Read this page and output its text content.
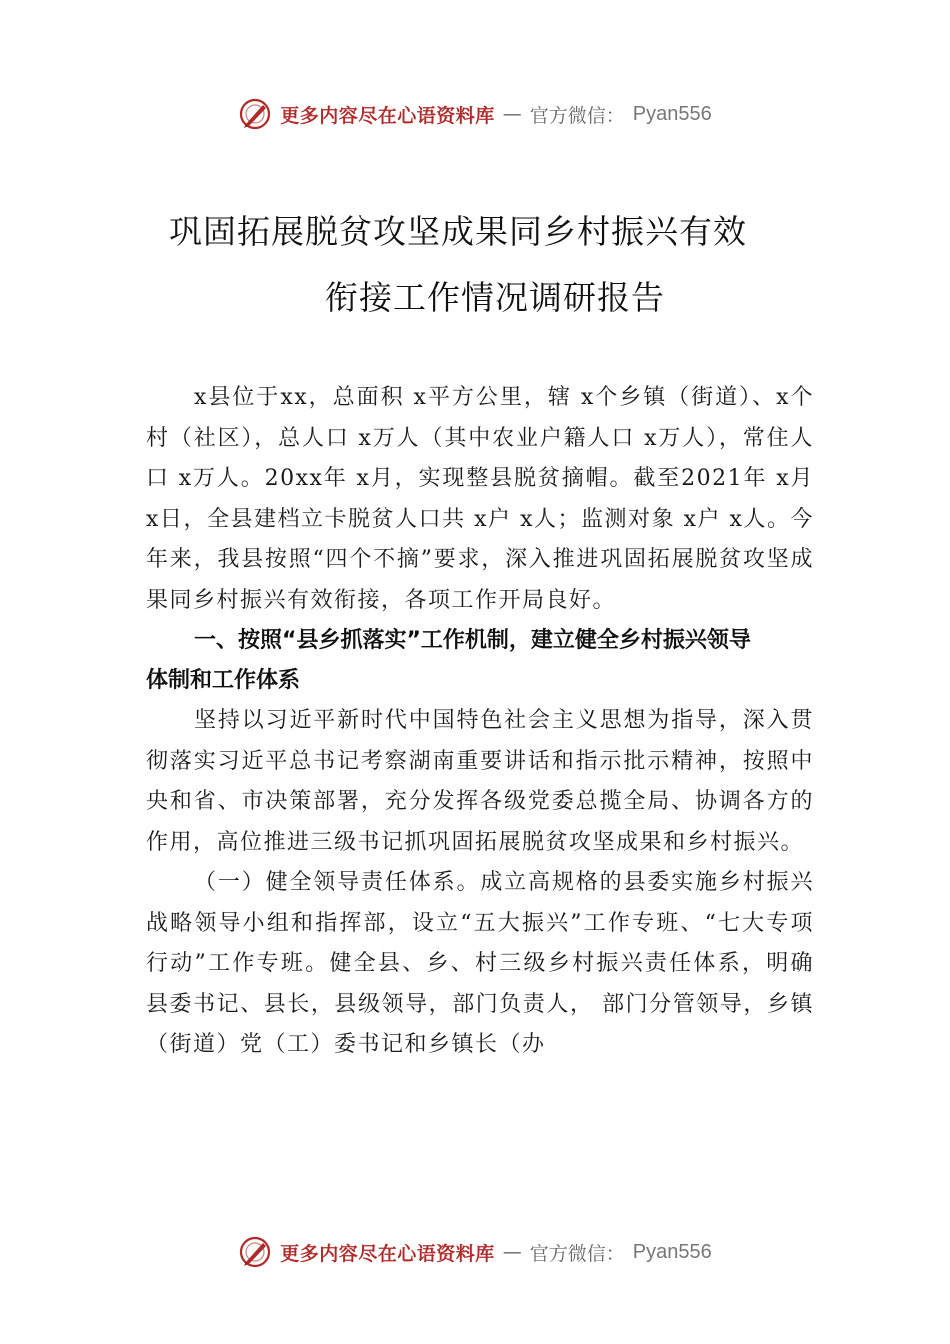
更多内容尽在心语资料库 — 官方微信： Pyan556
巩固拓展脱贫攻坚成果同乡村振兴有效
衔接工作情况调研报告

x县位于xx，总面积 x平方公里，辖 x个乡镇（街道）、x个村（社区），总人口 x万人（其中农业户籍人口 x万人），常住人口 x万人。20xx年 x月，实现整县脱贫摘帽。截至2021年 x月 x日，全县建档立卡脱贫人口共 x户 x人；监测对象 x户 x人。今年来，我县按照“四个不摘”要求，深入推进巩固拓展脱贫攻坚成果同乡村振兴有效衔接，各项工作开局良好。

一、按照“县乡抓落实”工作机制，建立健全乡村振兴领导体制和工作体系

坚持以习近平新时代中国特色社会主义思想为指导，深入贯彻落实习近平总书记考察湖南重要讲话和指示批示精神，按照中央和省、市决策部署，充分发挥各级党委总揽全局、协调各方的作用，高位推进三级书记抓巩固拓展脱贫攻坚成果和乡村振兴。

（一）健全领导责任体系。成立高规格的县委实施乡村振兴战略领导小组和指挥部，设立“五大振兴”工作专班、“七大专项行动”工作专班。健全县、乡、村三级乡村振兴责任体系，明确县委书记、县长，县级领导，部门负责人， 部门分管领导，乡镇（街道）党（工）委书记和乡镇长（办

更多内容尽在心语资料库 — 官方微信： Pyan556
